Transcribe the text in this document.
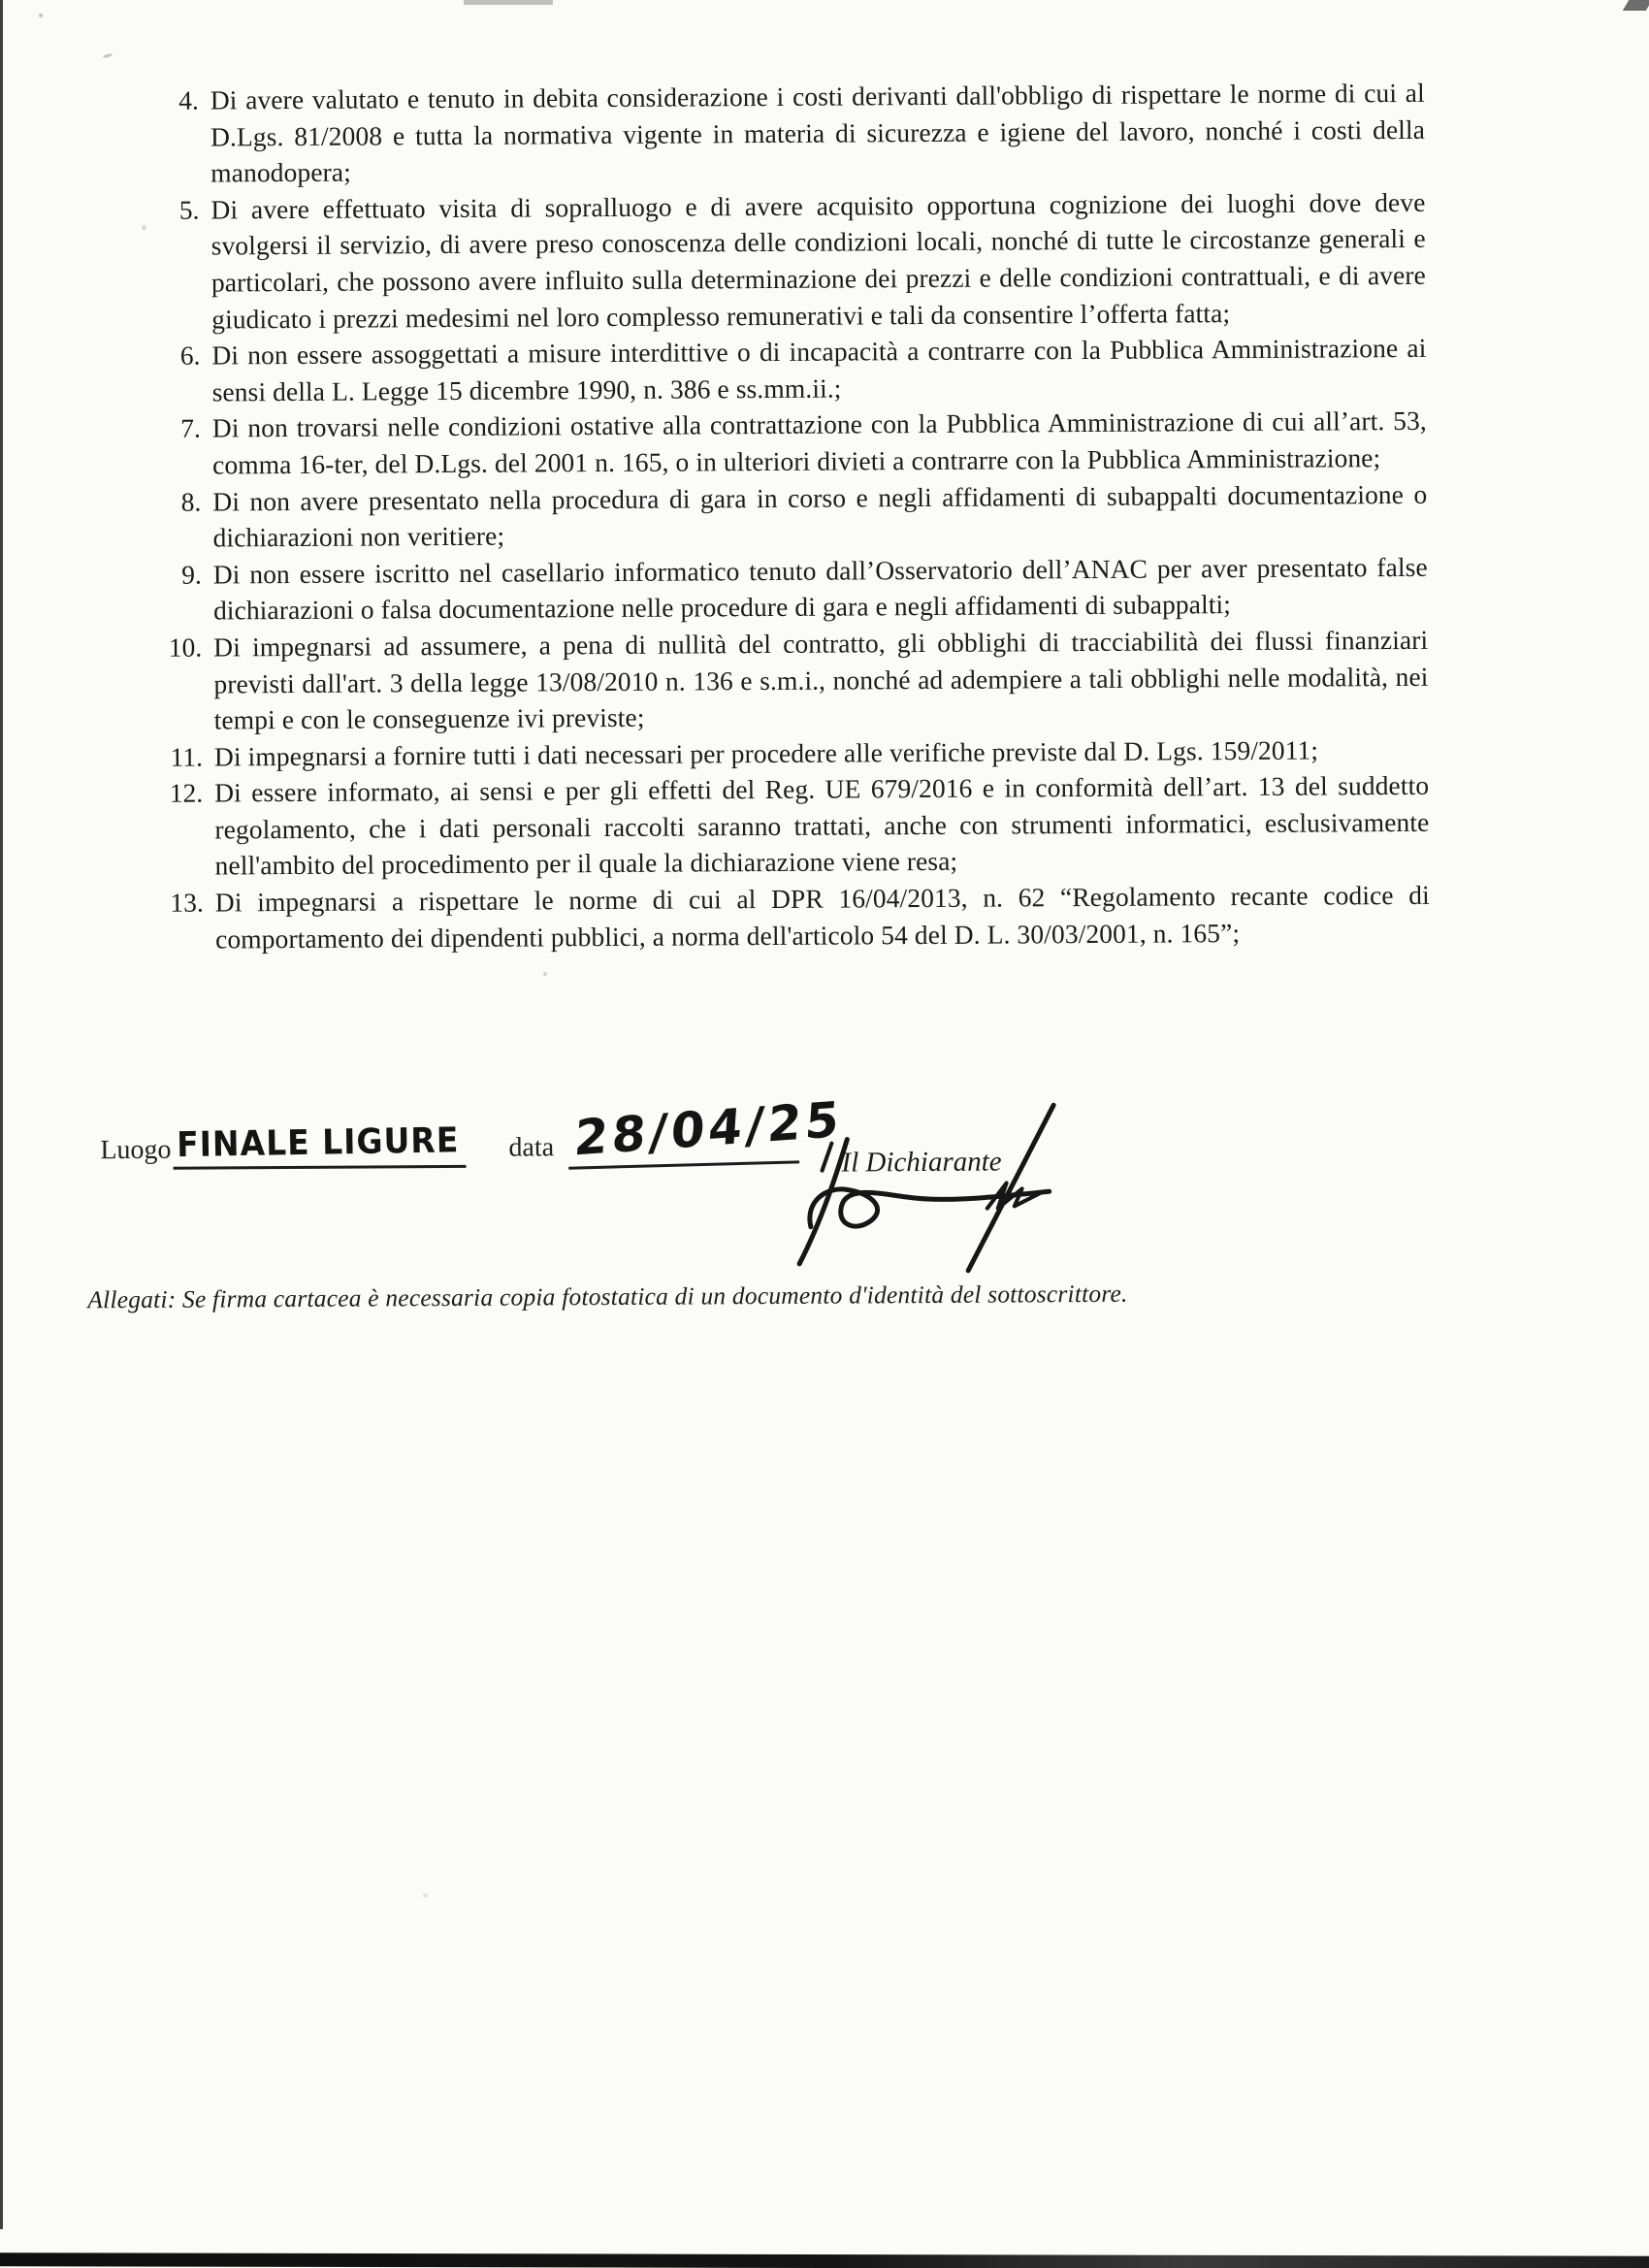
4. Di avere valutato e tenuto in debita considerazione i costi derivanti dall'obbligo di rispettare le norme di cui al D.Lgs. 81/2008 e tutta la normativa vigente in materia di sicurezza e igiene del lavoro, nonché i costi della manodopera;
5. Di avere effettuato visita di sopralluogo e di avere acquisito opportuna cognizione dei luoghi dove deve svolgersi il servizio, di avere preso conoscenza delle condizioni locali, nonché di tutte le circostanze generali e particolari, che possono avere influito sulla determinazione dei prezzi e delle condizioni contrattuali, e di avere giudicato i prezzi medesimi nel loro complesso remunerativi e tali da consentire l’offerta fatta;
6. Di non essere assoggettati a misure interdittive o di incapacità a contrarre con la Pubblica Amministrazione ai sensi della L. Legge 15 dicembre 1990, n. 386 e ss.mm.ii.;
7. Di non trovarsi nelle condizioni ostative alla contrattazione con la Pubblica Amministrazione di cui all’art. 53, comma 16-ter, del D.Lgs. del 2001 n. 165, o in ulteriori divieti a contrarre con la Pubblica Amministrazione;
8. Di non avere presentato nella procedura di gara in corso e negli affidamenti di subappalti documentazione o dichiarazioni non veritiere;
9. Di non essere iscritto nel casellario informatico tenuto dall’Osservatorio dell’ANAC per aver presentato false dichiarazioni o falsa documentazione nelle procedure di gara e negli affidamenti di subappalti;
10. Di impegnarsi ad assumere, a pena di nullità del contratto, gli obblighi di tracciabilità dei flussi finanziari previsti dall'art. 3 della legge 13/08/2010 n. 136 e s.m.i., nonché ad adempiere a tali obblighi nelle modalità, nei tempi e con le conseguenze ivi previste;
11. Di impegnarsi a fornire tutti i dati necessari per procedere alle verifiche previste dal D. Lgs. 159/2011;
12. Di essere informato, ai sensi e per gli effetti del Reg. UE 679/2016 e in conformità dell’art. 13 del suddetto regolamento, che i dati personali raccolti saranno trattati, anche con strumenti informatici, esclusivamente nell'ambito del procedimento per il quale la dichiarazione viene resa;
13. Di impegnarsi a rispettare le norme di cui al DPR 16/04/2013, n. 62 “Regolamento recante codice di comportamento dei dipendenti pubblici, a norma dell'articolo 54 del D. L. 30/03/2001, n. 165”;
Luogo FINALE LIGURE data 28/04/25
Il Dichiarante
Allegati: Se firma cartacea è necessaria copia fotostatica di un documento d'identità del sottoscrittore.
